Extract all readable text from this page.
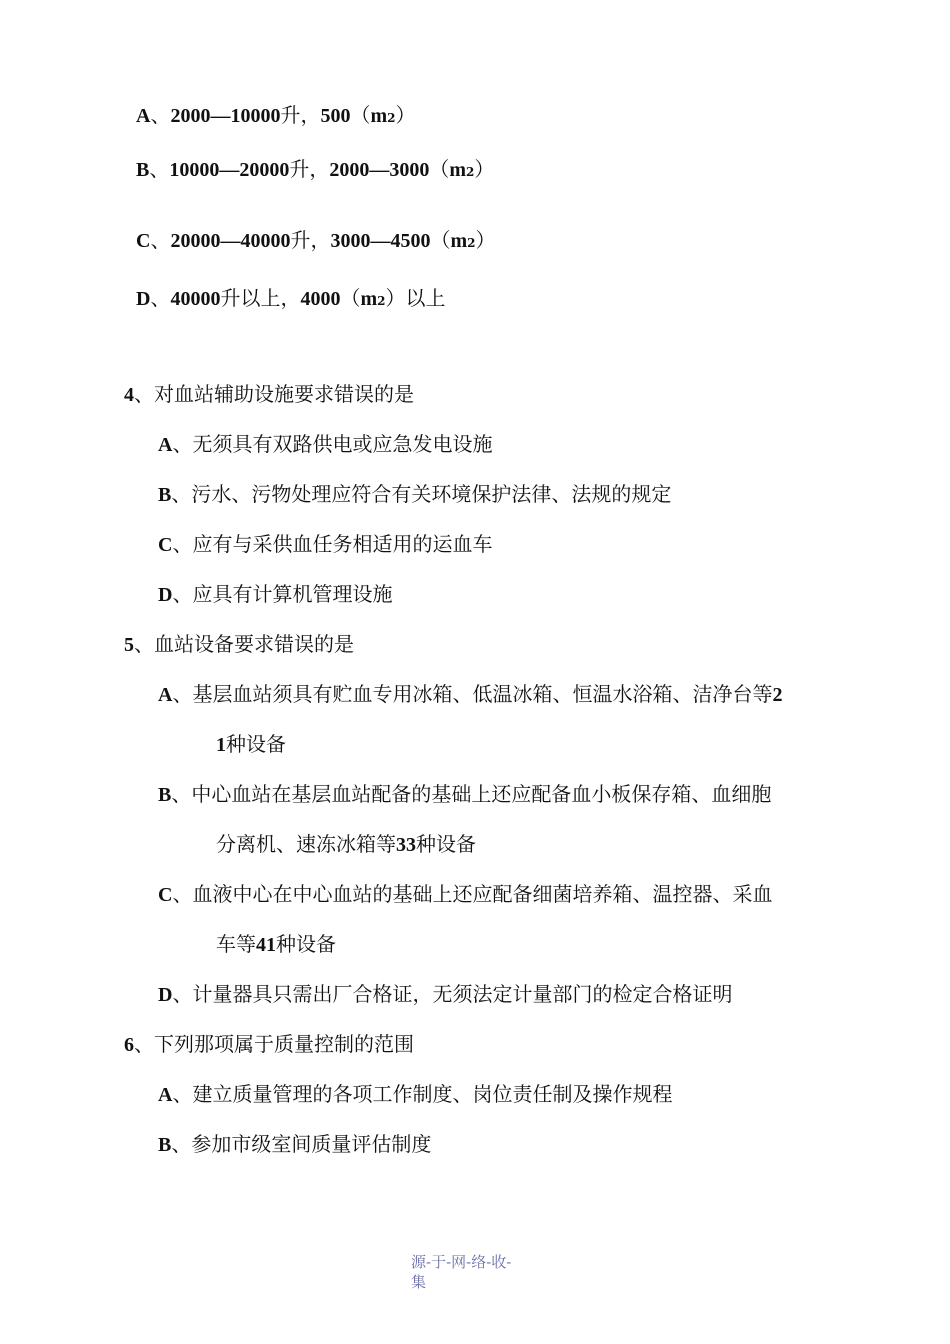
A、2000—10000升，500（m2）
B、10000—20000升，2000—3000（m2）
C、20000—40000升，3000—4500（m2）
D、40000升以上，4000（m2）以上
4、对血站辅助设施要求错误的是
A、无须具有双路供电或应急发电设施
B、污水、污物处理应符合有关环境保护法律、法规的规定
C、应有与采供血任务相适用的运血车
D、应具有计算机管理设施
5、血站设备要求错误的是
A、基层血站须具有贮血专用冰箱、低温冰箱、恒温水浴箱、洁净台等2
1种设备
B、中心血站在基层血站配备的基础上还应配备血小板保存箱、血细胞
分离机、速冻冰箱等33种设备
C、血液中心在中心血站的基础上还应配备细菌培养箱、温控器、采血
车等41种设备
D、计量器具只需出厂合格证，无须法定计量部门的检定合格证明
6、下列那项属于质量控制的范围
A、建立质量管理的各项工作制度、岗位责任制及操作规程
B、参加市级室间质量评估制度
源-于-网-络-收-
集
